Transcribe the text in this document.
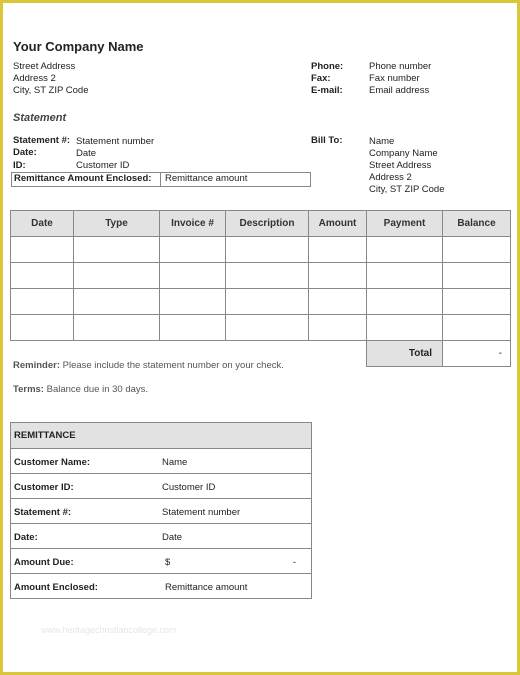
Your Company Name
Street Address
Address 2
City, ST ZIP Code
Phone:	Phone number
Fax:	Fax number
E-mail:	Email address
Statement
Statement #: Statement number
Date:	Date
ID:	Customer ID
Remittance Amount Enclosed: Remittance amount
Bill To:	Name
Company Name
Street Address
Address 2
City, ST ZIP Code
Date	Type	Invoice #	Description	Amount	Payment	Balance

					Total	-
Reminder: Please include the statement number on your check.
Terms: Balance due in 30 days.
REMITTANCE
Customer Name:	Name
Customer ID:	Customer ID
Statement #:	Statement number
Date:	Date
Amount Due:	$	-
Amount Enclosed:	Remittance amount
www.heritagechristiancollege.com
